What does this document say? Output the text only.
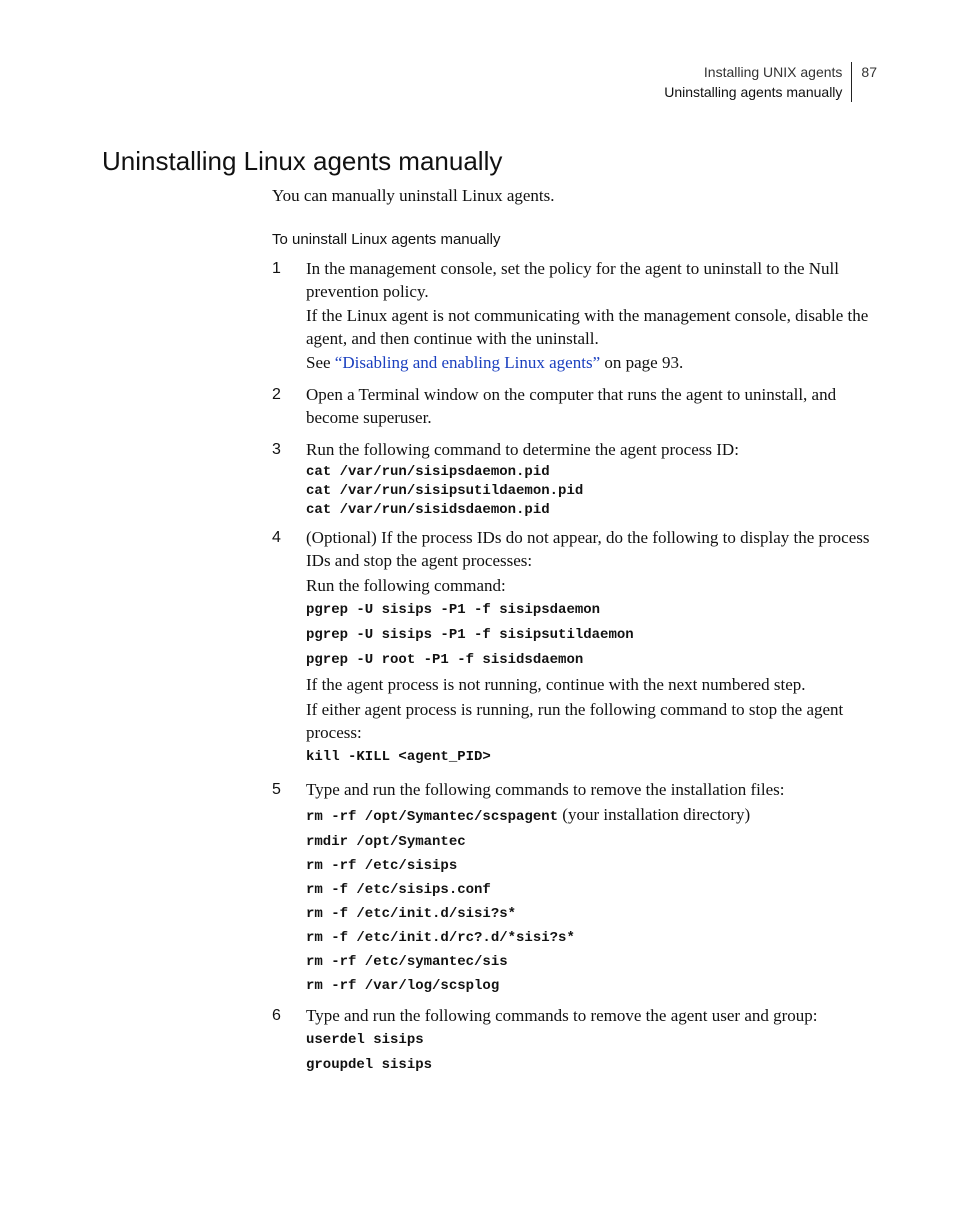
Installing UNIX agents
Uninstalling agents manually
87
Uninstalling Linux agents manually

You can manually uninstall Linux agents.

To uninstall Linux agents manually
1 In the management console, set the policy for the agent to uninstall to the Null prevention policy.

If the Linux agent is not communicating with the management console, disable the agent, and then continue with the uninstall.

See “Disabling and enabling Linux agents” on page 93.

2 Open a Terminal window on the computer that runs the agent to uninstall, and become superuser.

3 Run the following command to determine the agent process ID:

cat /var/run/sisipsdaemon.pid
cat /var/run/sisipsutildaemon.pid
cat /var/run/sisidsdaemon.pid
4 (Optional) If the process IDs do not appear, do the following to display the process IDs and stop the agent processes:

Run the following command:

pgrep -U sisips -P1 -f sisipsdaemon
pgrep -U sisips -P1 -f sisipsutildaemon
pgrep -U root -P1 -f sisidsdaemon

If the agent process is not running, continue with the next numbered step.

If either agent process is running, run the following command to stop the agent process:

kill -KILL <agent_PID>
5 Type and run the following commands to remove the installation files:

rm -rf /opt/Symantec/scspagent (your installation directory)

rmdir /opt/Symantec
rm -rf /etc/sisips
rm -f /etc/sisips.conf
rm -f /etc/init.d/sisi?s*
rm -f /etc/init.d/rc?.d/*sisi?s*
rm -rf /etc/symantec/sis
rm -rf /var/log/scsplog
6 Type and run the following commands to remove the agent user and group:

userdel sisips
groupdel sisips
